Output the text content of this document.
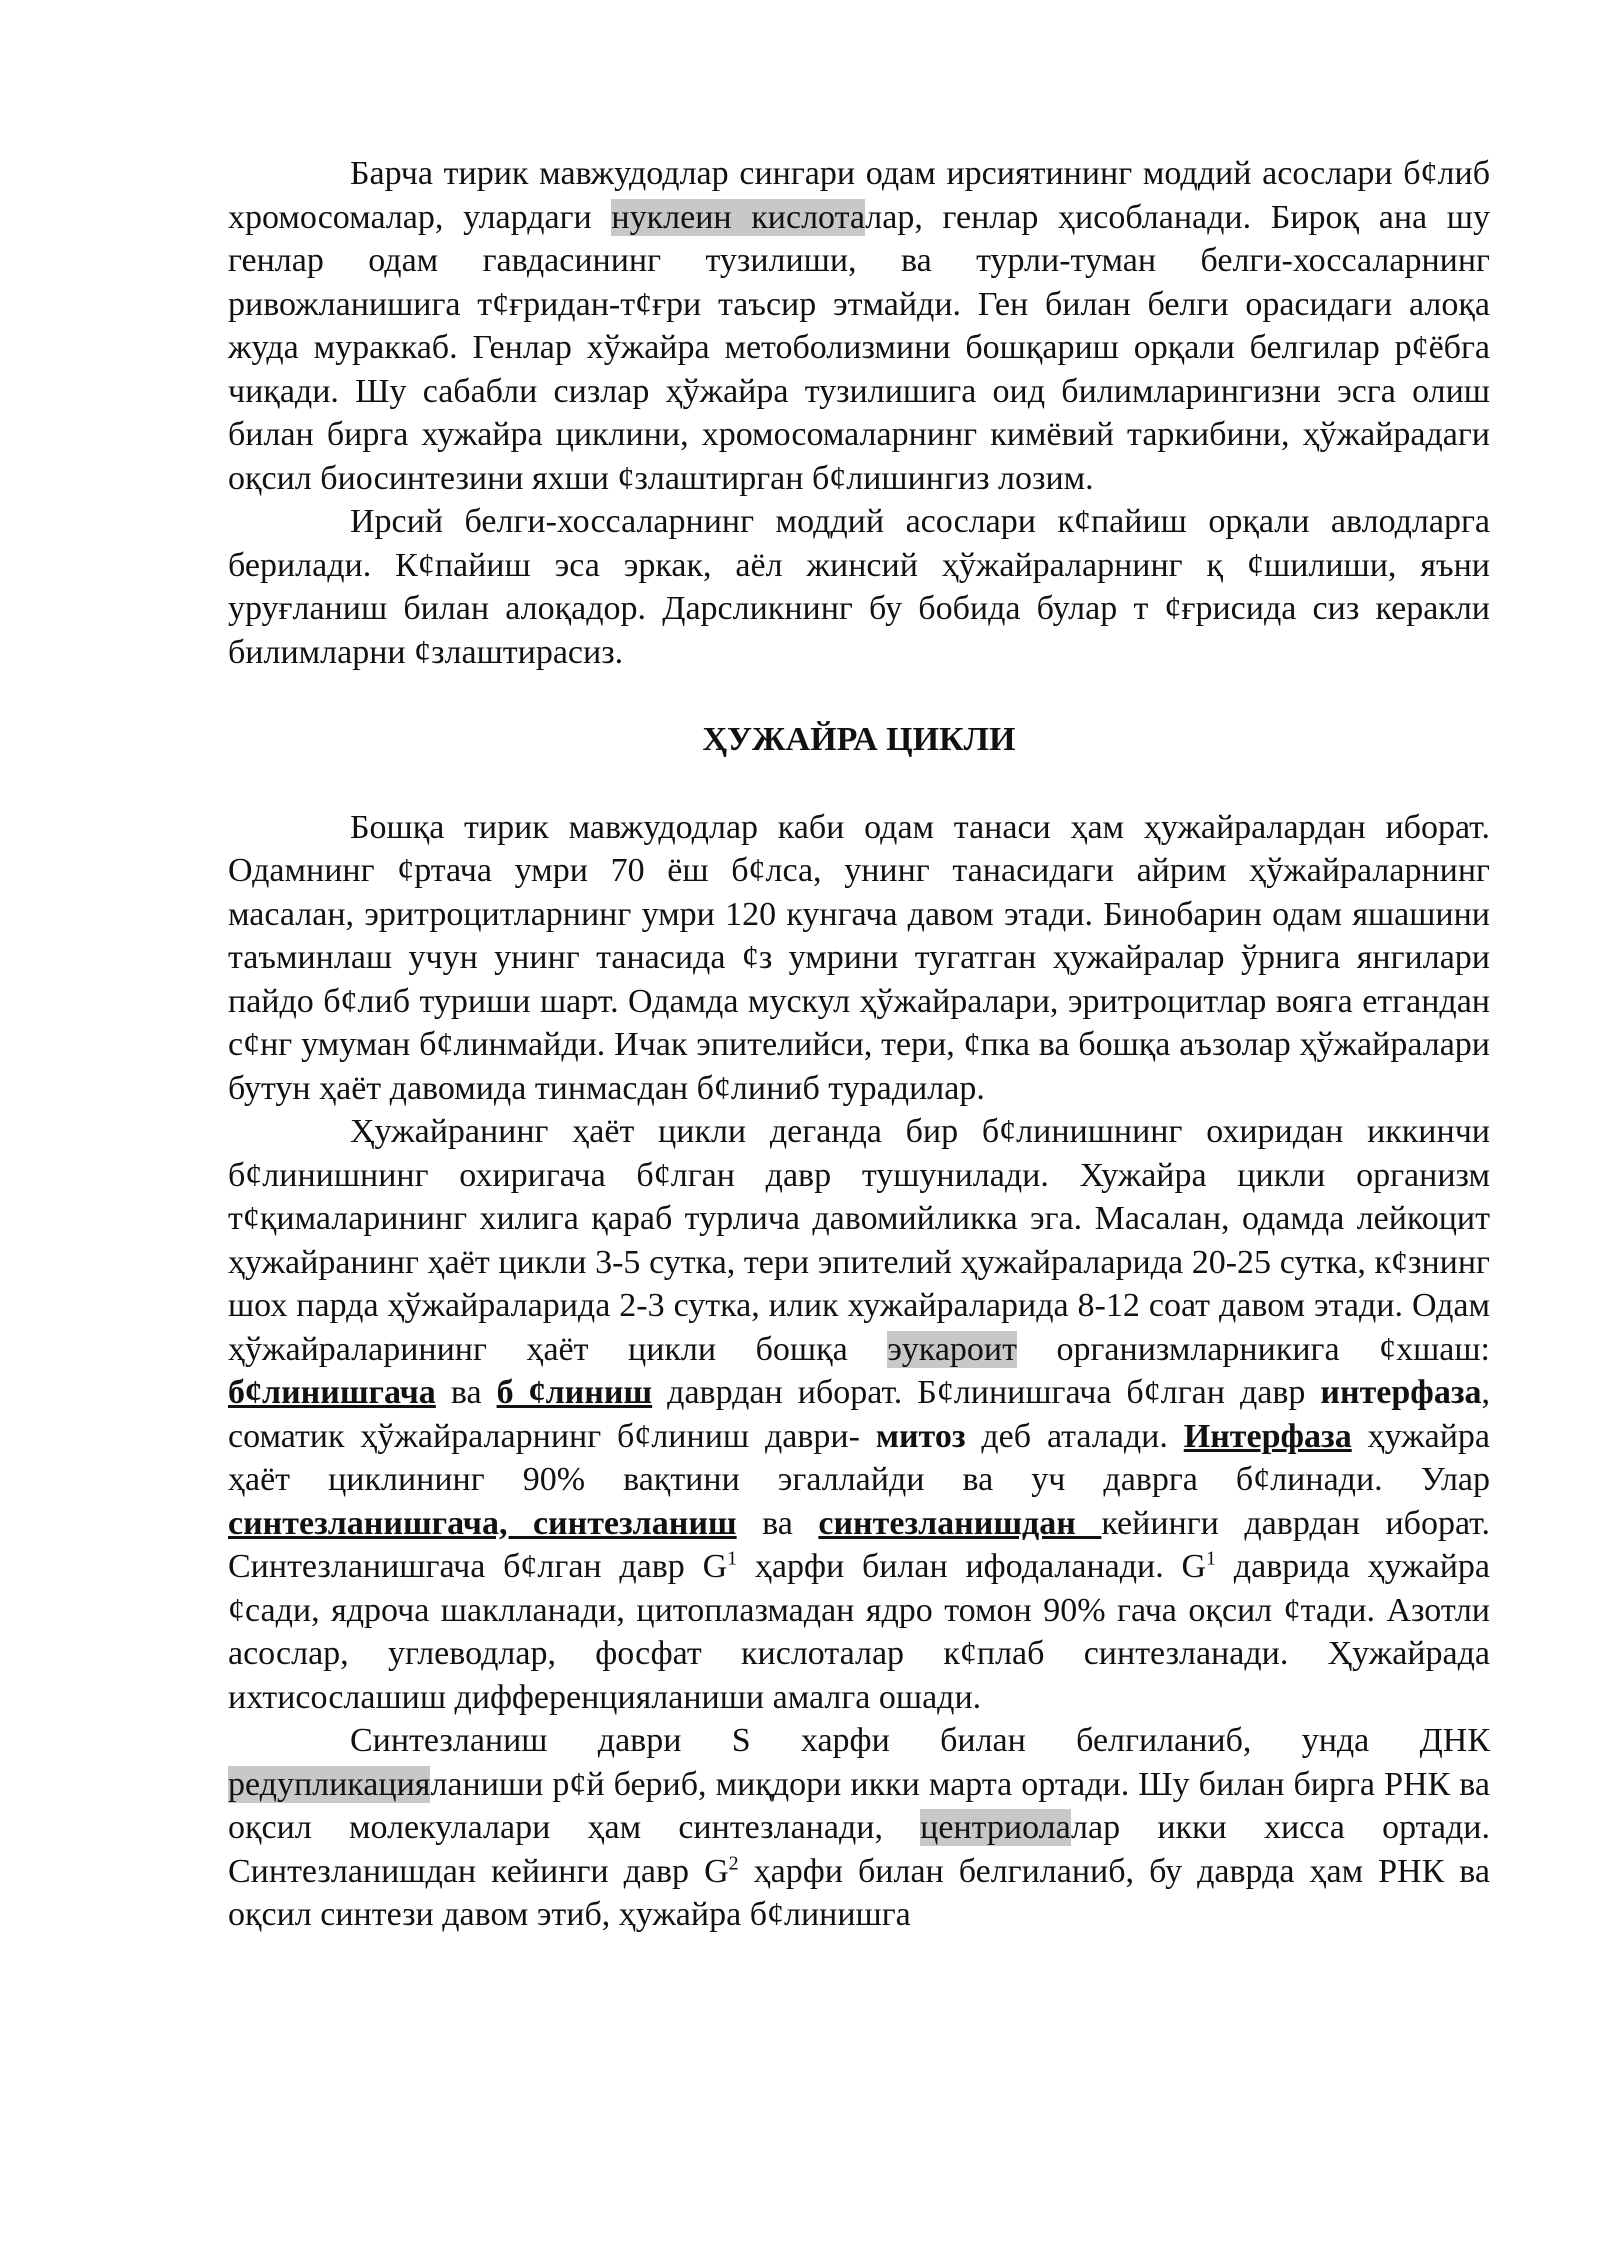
Барча тирик мавжудодлар сингари одам ирсиятининг моддий асослари б¢либ хромосомалар, улардаги нуклеин кислоталар, генлар ҳисобланади. Бироқ ана шу генлар одам гавдасининг тузилиши, ва турли-туман белги-хоссаларнинг ривожланишига т¢ғридан-т¢ғри таъсир этмайди. Ген билан белги орасидаги алоқа жуда мураккаб. Генлар хўжайра метоболизмини бошқариш орқали белгилар р¢ёбга чиқади. Шу сабабли сизлар ҳўжайра тузилишига оид билимларингизни эсга олиш билан бирга хужайра циклини, хромосомаларнинг кимёвий таркибини, ҳўжайрадаги оқсил биосинтезини яхши ¢злаштирган б¢лишингиз лозим.

Ирсий белги-хоссаларнинг моддий асослари к¢пайиш орқали авлодларга берилади. К¢пайиш эса эркак, аёл жинсий ҳўжайраларнинг қ ¢шилиши, яъни уруғланиш билан алоқадор. Дарсликнинг бу бобида булар т ¢ғрисида сиз керакли билимларни ¢злаштирасиз.

ҲУЖАЙРА ЦИКЛИ

Бошқа тирик мавжудодлар каби одам танаси ҳам ҳужайралардан иборат. Одамнинг ¢ртача умри 70 ёш б¢лса, унинг танасидаги айрим ҳўжайраларнинг масалан, эритроцитларнинг умри 120 кунгача давом этади. Бинобарин одам яшашини таъминлаш учун унинг танасида ¢з умрини тугатган ҳужайралар ўрнига янгилари пайдо б¢либ туриши шарт. Одамда мускул ҳўжайралари, эритроцитлар вояга етгандан с¢нг умуман б¢линмайди. Ичак эпителийси, тери, ¢пка ва бошқа аъзолар ҳўжайралари бутун ҳаёт давомида тинмасдан б¢линиб турадилар.

Ҳужайранинг ҳаёт цикли деганда бир б¢линишнинг охиридан иккинчи б¢линишнинг охиригача б¢лган давр тушунилади. Хужайра цикли организм т¢қималарининг хилига қараб турлича давомийликка эга. Масалан, одамда лейкоцит ҳужайранинг ҳаёт цикли 3-5 сутка, тери эпителий ҳужайраларида 20-25 сутка, к¢знинг шох парда ҳўжайраларида 2-3 сутка, илик хужайраларида 8-12 соат давом этади. Одам ҳўжайраларининг ҳаёт цикли бошқа эукароит организмларникига ¢хшаш: б¢линишгача ва б ¢линиш даврдан иборат. Б¢линишгача б¢лган давр интерфаза, соматик ҳўжайраларнинг б¢линиш даври- митоз деб аталади. Интерфаза ҳужайра ҳаёт циклининг 90% вақтини эгаллайди ва уч даврга б¢линади. Улар синтезланишгача, синтезланиш ва синтезланишдан кейинги даврдан иборат. Синтезланишгача б¢лган давр $G^1$ ҳарфи билан ифодаланади. $G^1$ даврида ҳужайра ¢сади, ядроча шаклланади, цитоплазмадан ядро томон 90% гача оқсил ¢тади. Азотли асослар, углеводлар, фосфат кислоталар к¢плаб синтезланади. Ҳужайрада ихтисослашиш дифференцияланиши амалга ошади.

Синтезланиш даври S харфи билан белгиланиб, унда ДНК редупликацияланиши р¢й бериб, миқдори икки марта ортади. Шу билан бирга РНК ва оқсил молекулалари ҳам синтезланади, центриолалар икки хисса ортади. Синтезланишдан кейинги давр $G^2$ ҳарфи билан белгиланиб, бу даврда ҳам РНК ва оқсил синтези давом этиб, ҳужайра б¢линишга
